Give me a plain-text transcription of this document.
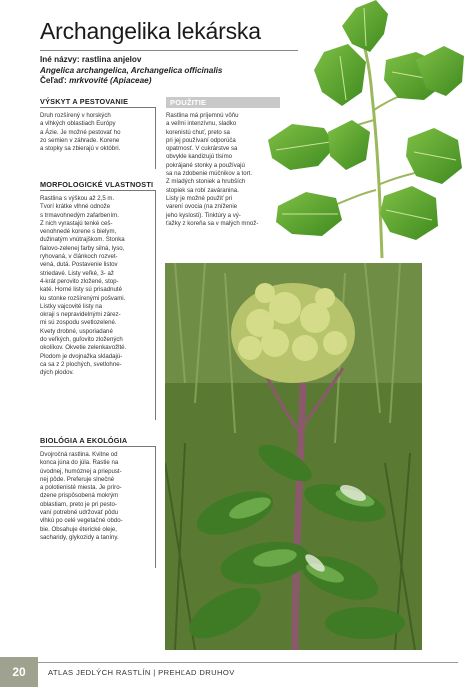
Archangelika lekárska
Iné názvy: rastlina anjelov
Angelica archangelica, Archangelica officinalis
Čeľaď: mrkvovité (Apiaceae)
VÝSKYT A PESTOVANIE
Druh rozšírený v horských
a vlhkých oblastiach Európy
a Ázie. Je možné pestovať ho
zo semien v záhrade. Korene
a stopky sa zbierajú v októbri.
MORFOLOGICKÉ VLASTNOSTI
Rastlina s výškou až 2,5 m.
Tvorí krátke vlhné odnože
s trmavohnedým zafarbením.
Z nich vyrastajú tenké ceš-
venohnedé korene s bielym,
dužinatým vnútrajškom. Stonka
fialovo-zelenej farby silná, lyso,
ryhovaná, v článkoch rozvet-
vená, dutá. Postavenie listov
striedavé. Listy veľké, 3- až
4-krát perovito zložené, stop-
katé. Horné listy sú prisadnuté
ku stonke rozšírenými pošvami.
Lístky vajcovité listy na
okraji s nepravidelnými zárez-
mi sú zospodu svetlozelené.
Kvety drobné, usporiadané
do veľkých, guľovito zložených
okolíkov. Okvetie zelenkavožlté.
Plodom je dvojnažka skladajú-
ca sa z 2 plochých, svetlohne-
dých plodov.
BIOLÓGIA A EKOLÓGIA
Dvojročná rastlina. Kvitne od
konca júna do júla. Rastie na
úvodnej, humóznej a priepust-
nej pôde. Preferuje slnečné
a polotienisté miesta. Je príro-
dzene prispôsobená mokrým
oblastiam, preto je pri pesto-
vaní potrebné udržovať pôdu
vlhkú po celé vegetačné obdo-
bie. Obsahuje éterické oleje,
sacharidy, glykozidy a taníny.
POUŽITIE
Rastlina má príjemnú vôňu
a veľmi intenzívnu, sladko
korenistú chuť, preto sa
pri jej používaní odporúča
opatrnosť. V cukrárstve sa
obvykle kandizujú tlsímo
pokrájané stonky a používajú
sa na zdobenie múčnikov a tort.
Z mladých stoniek a hrubších
stopiek sa robí zaváranina.
Listy je možné použiť pri
varení ovocia (na zníženie
jeho kyslosti). Tinktúry a vý-
ťažky z koreňa sa v malých množ-
20	ATLAS JEDLÝCH RASTLÍN | PREHĽAD DRUHOV
